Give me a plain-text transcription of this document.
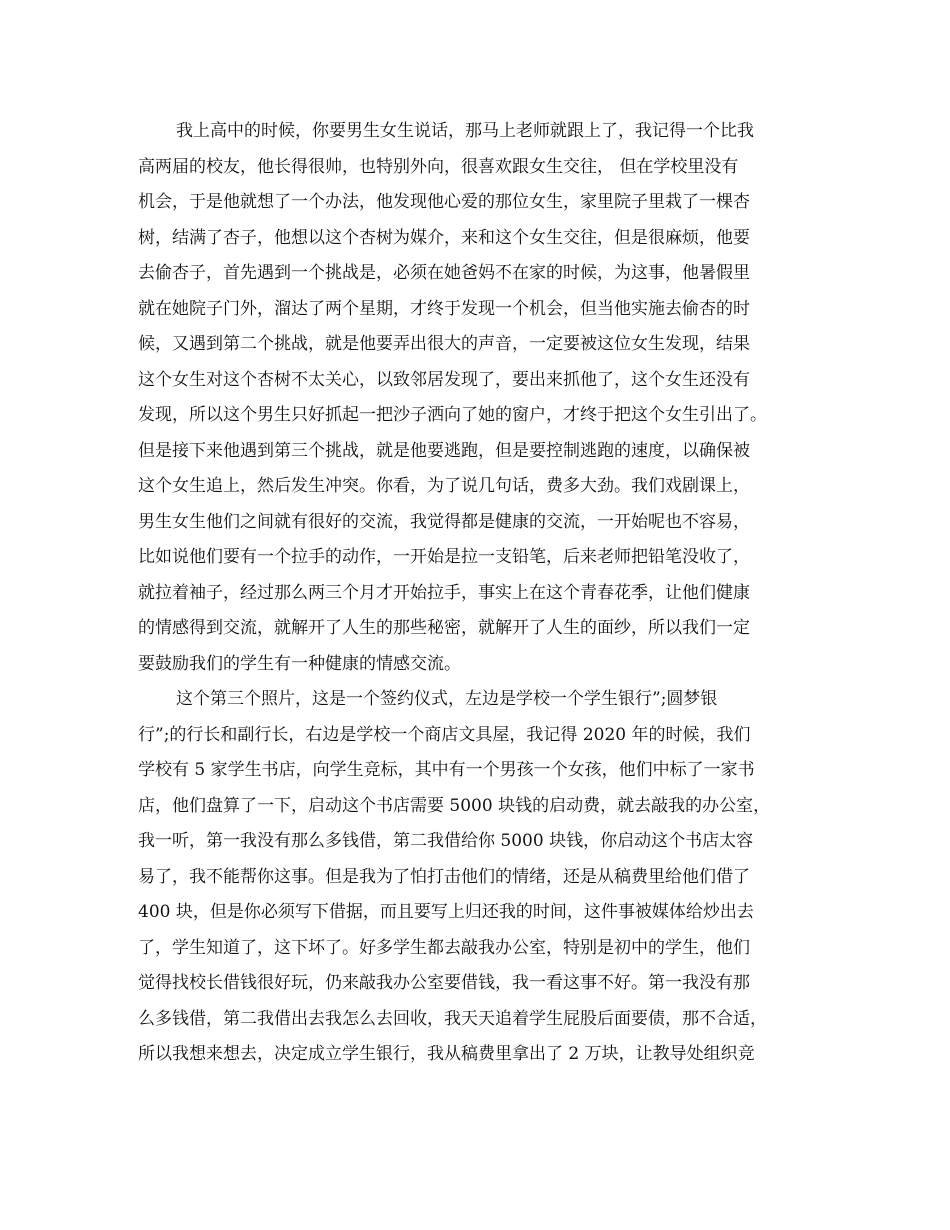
我上高中的时候，你要男生女生说话，那马上老师就跟上了，我记得一个比我
高两届的校友，他长得很帅，也特别外向，很喜欢跟女生交往， 但在学校里没有
机会，于是他就想了一个办法，他发现他心爱的那位女生，家里院子里栽了一棵杏
树，结满了杏子，他想以这个杏树为媒介，来和这个女生交往，但是很麻烦，他要
去偷杏子，首先遇到一个挑战是，必须在她爸妈不在家的时候，为这事，他暑假里
就在她院子门外，溜达了两个星期，才终于发现一个机会，但当他实施去偷杏的时
候，又遇到第二个挑战，就是他要弄出很大的声音，一定要被这位女生发现，结果
这个女生对这个杏树不太关心，以致邻居发现了，要出来抓他了，这个女生还没有
发现，所以这个男生只好抓起一把沙子洒向了她的窗户，才终于把这个女生引出了。
但是接下来他遇到第三个挑战，就是他要逃跑，但是要控制逃跑的速度，以确保被
这个女生追上，然后发生冲突。你看，为了说几句话，费多大劲。我们戏剧课上，
男生女生他们之间就有很好的交流，我觉得都是健康的交流，一开始呢也不容易，
比如说他们要有一个拉手的动作，一开始是拉一支铅笔，后来老师把铅笔没收了，
就拉着袖子，经过那么两三个月才开始拉手，事实上在这个青春花季，让他们健康
的情感得到交流，就解开了人生的那些秘密，就解开了人生的面纱，所以我们一定
要鼓励我们的学生有一种健康的情感交流。
这个第三个照片，这是一个签约仪式，左边是学校一个学生银行”;圆梦银
行”;的行长和副行长，右边是学校一个商店文具屋，我记得 2020 年的时候，我们
学校有 5 家学生书店，向学生竞标，其中有一个男孩一个女孩，他们中标了一家书
店，他们盘算了一下，启动这个书店需要 5000 块钱的启动费，就去敲我的办公室，
我一听，第一我没有那么多钱借，第二我借给你 5000 块钱，你启动这个书店太容
易了，我不能帮你这事。但是我为了怕打击他们的情绪，还是从稿费里给他们借了
400 块，但是你必须写下借据，而且要写上归还我的时间，这件事被媒体给炒出去
了，学生知道了，这下坏了。好多学生都去敲我办公室，特别是初中的学生，他们
觉得找校长借钱很好玩，仍来敲我办公室要借钱，我一看这事不好。第一我没有那
么多钱借，第二我借出去我怎么去回收，我天天追着学生屁股后面要债，那不合适，
所以我想来想去，决定成立学生银行，我从稿费里拿出了 2 万块，让教导处组织竞
